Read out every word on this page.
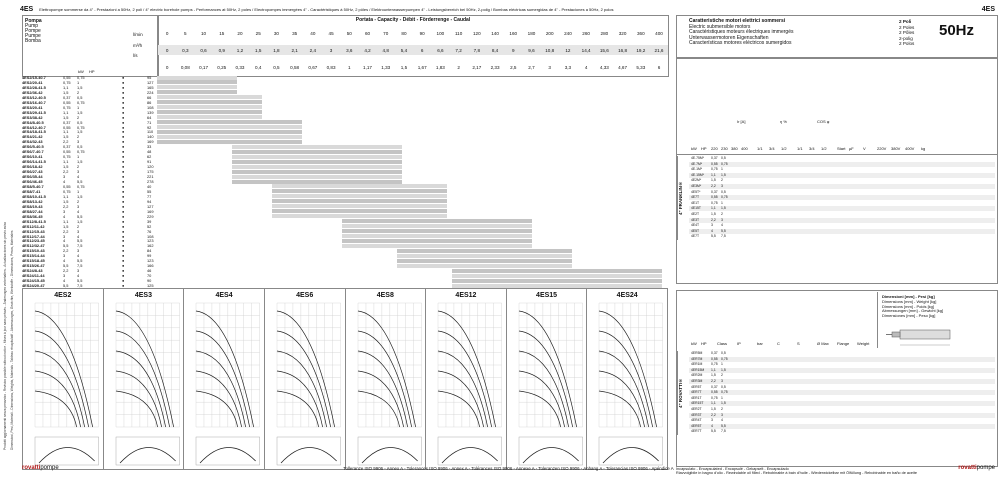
4ES Elettropompe sommerse da 4" - Prestazioni a 50Hz, 2 poli / 4" electric borehole pumps - Performances at 50Hz, 2 poles / Electropompes immergées 4" - Caractéristiques à 50Hz, 2 pôles / Elektrounterwasserpumpen 4" - Leistungsbereich bei 50Hz, 2-polig / Bombas eléctricas sumergidas de 4" - Prestaciones a 50Hz, 2 polos	4ES
Prodotti aggiornamenti senza preavviso - Revision possible without notice - Mises à jour sans préavis - Änderungen vorbehalten - Actualizaciones sin previo aviso Dimensioni, Pesi, Materiali - Dimensions, Weights, Materials - Tableau récapitulatif - Abmessungen, Gewichte, Werkstoffe - Dimensiones, Pesos, Materiales
Pompa
Pump
Pompe
Pumpe
Bomba
kW HP
l/min
m³/h
l/s
Portata - Capacity - Débit - Förderrenge - Caudal
0	5	10	15	20	25	30	35	40	45	50	60	70	80	90	100	110	120	140	160	180	200	240	260	280	320	360	400
0	0,3	0,6	0,9	1,2	1,5	1,8	2,1	2,4	3	3,6	4,2	4,8	5,4	6	6,6	7,2	7,8	8,4	9	9,6	10,8	12	14,4	15,6	16,8	19,2	21,6
0	0,08	0,17	0,25	0,33	0,4	0,5	0,58	0,67	0,83	1	1,17	1,33	1,5	1,67	1,83	2	2,17	2,33	2,5	2,7	3	3,3	4	4,33	4,67	5,33	6
4ES2/15-40.7	0,55	0,75	●	95
4ES2/20-41	0,75	1	●	127
4ES2/28-41.5	1,1	1,5	●	165
4ES2/36-42	1,5	2	●	224
4ES3/12-40.5	0,37	0,5	●	66
4ES3/16-40.7	0,55	0,75	●	86
4ES3/20-41	0,75	1	●	108
4ES3/29-41.5	1,1	1,5	●	139
4ES3/38-42	1,5	2	●	64
4ES4/8-40.5	0,37	0,5	●	71
4ES4/12-40.7	0,55	0,75	●	92
4ES4/18-41.5	1,1	1,5	●	110
4ES4/21-42	1,5	2	●	140
4ES4/32-43	2,2	3	●	169
4ES6/5-40.5	0,37	0,5	●	33
4ES6/7-40.7	0,55	0,75	●	48
4ES6/10-41	0,75	1	●	62
4ES6/14-41.5	1,1	1,5	●	91
4ES6/18-42	1,5	2	●	120
4ES6/27-43	2,2	3	●	175
4ES6/35-44	3	4	●	221
4ES6/46-45	4	5,5	●	278
4ES8/5-40.7	0,55	0,75	●	40
4ES8/7-41	0,75	1	●	55
4ES8/10-41.5	1,1	1,5	●	77
4ES8/13-42	1,5	2	●	94
4ES8/19-43	2,2	3	●	127
4ES8/27-44	3	4	●	169
4ES8/36-45	4	5,5	●	229
4ES12/8-41.5	1,1	1,5	●	39
4ES12/11-42	1,5	2	●	52
4ES12/15-43	2,2	3	●	76
4ES12/17-44	3	4	●	108
4ES12/23-45	4	5,5	●	123
4ES12/32-47	5,5	7,5	●	162
4ES15/10-43	2,2	3	●	84
4ES15/14-44	3	4	●	99
4ES15/18-45	4	5,5	●	123
4ES15/26-47	5,5	7,5	●	166
4ES24/8-43	2,2	3	●	46
4ES24/11-44	3	4	●	70
4ES24/15-45	4	5,5	●	90
4ES24/20-47	5,5	7,5	●	125
4ES2	4ES3	4ES4	4ES6	4ES8	4ES12	4ES15	4ES24
Caratteristiche motori elettrici sommersi
Electric submersible motors
Caractéristiques moteurs électriques immergés
Unterwassermotoren Eigenschaften
Características motores eléctricos sumergidos
2 Poli
2 Poles
2 Pôles
2-polig
2 Polos
50Hz
kW HP 220 230 380 400 1/1 3/4 1/2	1/1 3/4 1/2	Start µF V	220V 380V 400V kg
Ir [A]	η %	COS φ
4" FRANKLIN®
4E.75M* 0,37 0,5
4E.7M*	0,55 0,75
4E.1M*	0,75 1
4E.15M* 1,1 1,5
4E2M*	1,5 2
4E3M*	2,2 3
4E5T*	0,37 0,5
4E7T	0,55 0,75
4E1T	0,75 1
4E15T	1,1 1,5
4E2T	1,5 2
4E3T	2,2 3
4E4T	3 4
4E5T	4 5,5
4E7T	5,5 7,5
Dimensioni [mm] - Pesi [kg]
Dimensions [mm] - Weight [kg]
Dimensions [mm] - Poids [kg]
Abmessungen [mm] - Gewicht [kg]
Dimensiones [mm] - Peso [kg]
4" ROVATTI®
4ER5M	0,37 0,5
4ER7M	0,55 0,75
4ER1M	0,75 1
4ER15M 1,1 1,5
4ER2M	1,5 2
4ER3M	2,2 3
4ER5T	0,37 0,5
4ER7T	0,55 0,75
4ER1T	0,75 1
4ER15T 1,1 1,5
4ER2T	1,5 2
4ER3T	2,2 3
4ER4T	3 4
4ER5T	4 5,5
4ER7T	5,5 7,5
kW HP	Class IP	bar	C	S	Ø Max Flange Weight
Incapsulato - Encapsulated - Encapsulé - Gekapselt - Encapsulado
Riavvolgibile in bagno d'olio - Rewindable oil filled - Rebobinable à bain d'huile - Wiederwickelbar mit Ölfüllung - Rebobinable en baño de aceite
rovattipompe	Tolleranze ISO 9906 - Annex A - Tolerances ISO 9906 - Annex A - Tolérances ISO 9906 - Annexe A - Toleranzen ISO 9906 - Anhang A - Tolerancias ISO 9906 - Apéndice A	rovattipompe
